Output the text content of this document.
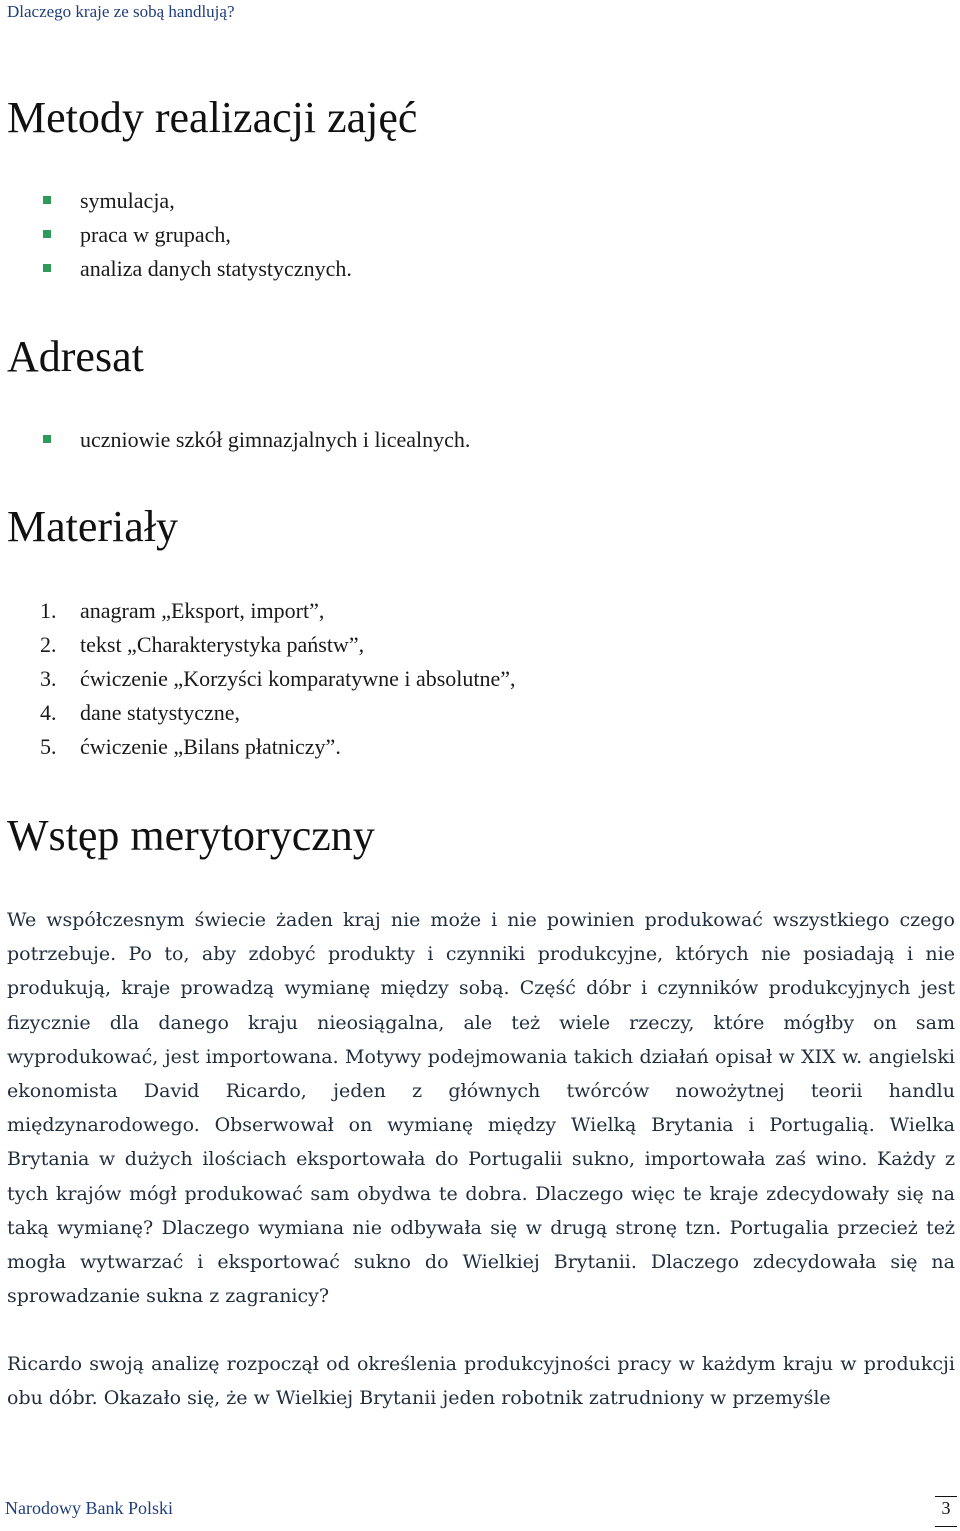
Dlaczego kraje ze sobą handlują?
Metody realizacji zajęć
symulacja,
praca w grupach,
analiza danych statystycznych.
Adresat
uczniowie szkół gimnazjalnych i licealnych.
Materiały
1. anagram „Eksport, import”,
2. tekst „Charakterystyka państw”,
3. ćwiczenie „Korzyści komparatywne i absolutne”,
4. dane statystyczne,
5. ćwiczenie „Bilans płatniczy”.
Wstęp merytoryczny

We współczesnym świecie żaden kraj nie może i nie powinien produkować wszystkiego czego potrzebuje. Po to, aby zdobyć produkty i czynniki produkcyjne, których nie posiadają i nie produkują, kraje prowadzą wymianę między sobą. Część dóbr i czynników produkcyjnych jest fizycznie dla danego kraju nieosiągalna, ale też wiele rzeczy, które mógłby on sam wyprodukować, jest importowana. Motywy podejmowania takich działań opisał w XIX w. angielski ekonomista David Ricardo, jeden z głównych twórców nowożytnej teorii handlu międzynarodowego. Obserwował on wymianę między Wielką Brytania i Portugalią. Wielka Brytania w dużych ilościach eksportowała do Portugalii sukno, importowała zaś wino. Każdy z tych krajów mógł produkować sam obydwa te dobra. Dlaczego więc te kraje zdecydowały się na taką wymianę? Dlaczego wymiana nie odbywała się w drugą stronę tzn. Portugalia przecież też mogła wytwarzać i eksportować sukno do Wielkiej Brytanii. Dlaczego zdecydowała się na sprowadzanie sukna z zagranicy?

Ricardo swoją analizę rozpoczął od określenia produkcyjności pracy w każdym kraju w produkcji obu dóbr. Okazało się, że w Wielkiej Brytanii jeden robotnik zatrudniony w przemyśle

Narodowy Bank Polski	3
